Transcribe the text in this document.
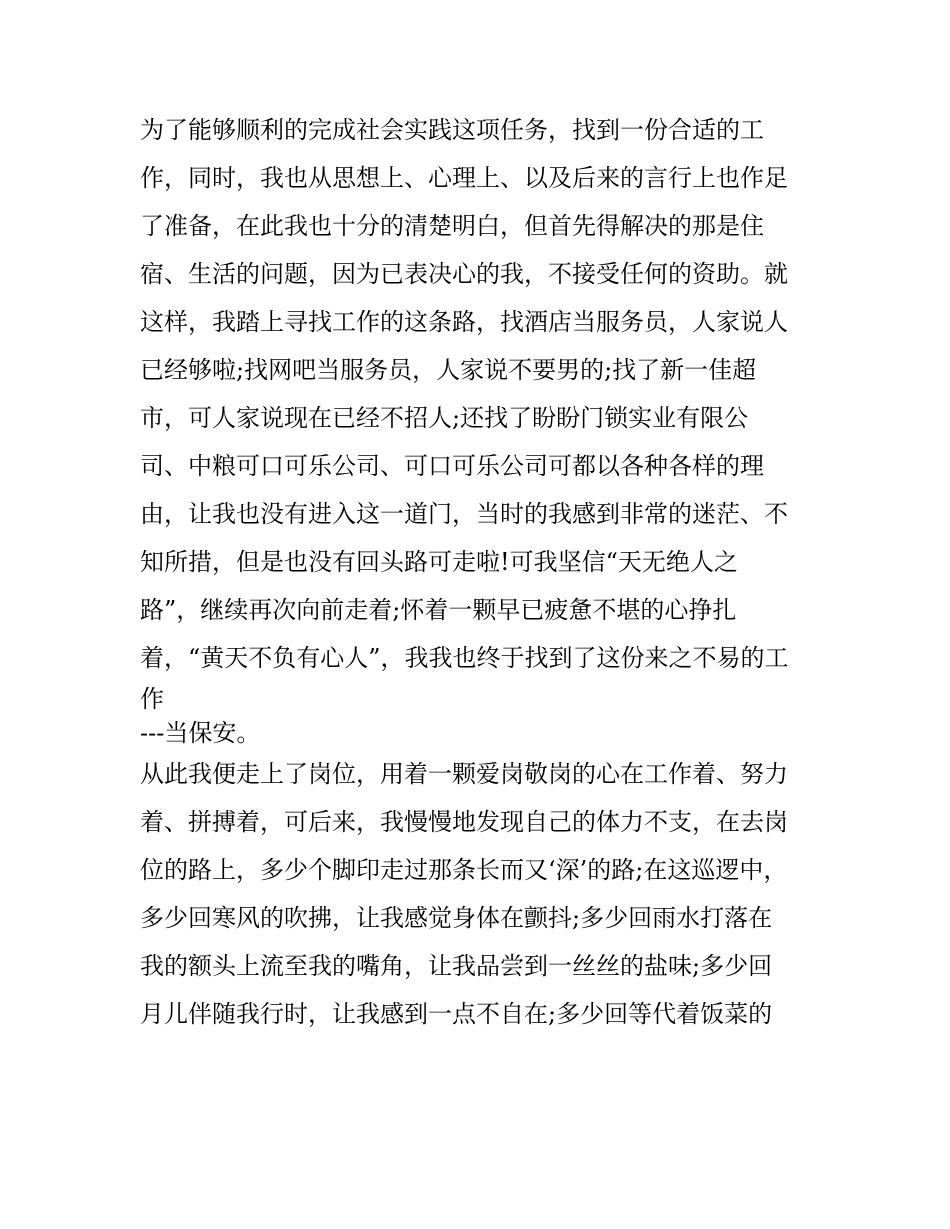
为了能够顺利的完成社会实践这项任务，找到一份合适的工
作，同时，我也从思想上、心理上、以及后来的言行上也作足
了准备，在此我也十分的清楚明白，但首先得解决的那是住
宿、生活的问题，因为已表决心的我，不接受任何的资助。就
这样，我踏上寻找工作的这条路，找酒店当服务员，人家说人
已经够啦;找网吧当服务员，人家说不要男的;找了新一佳超
市，可人家说现在已经不招人;还找了盼盼门锁实业有限公
司、中粮可口可乐公司、可口可乐公司可都以各种各样的理
由，让我也没有进入这一道门，当时的我感到非常的迷茫、不
知所措，但是也没有回头路可走啦!可我坚信“天无绝人之
路”，继续再次向前走着;怀着一颗早已疲惫不堪的心挣扎
着，“黄天不负有心人”，我我也终于找到了这份来之不易的工
作
---当保安。
从此我便走上了岗位，用着一颗爱岗敬岗的心在工作着、努力
着、拼搏着，可后来，我慢慢地发现自己的体力不支，在去岗
位的路上，多少个脚印走过那条长而又‘深’的路;在这巡逻中，
多少回寒风的吹拂，让我感觉身体在颤抖;多少回雨水打落在
我的额头上流至我的嘴角，让我品尝到一丝丝的盐味;多少回
月儿伴随我行时，让我感到一点不自在;多少回等代着饭菜的
